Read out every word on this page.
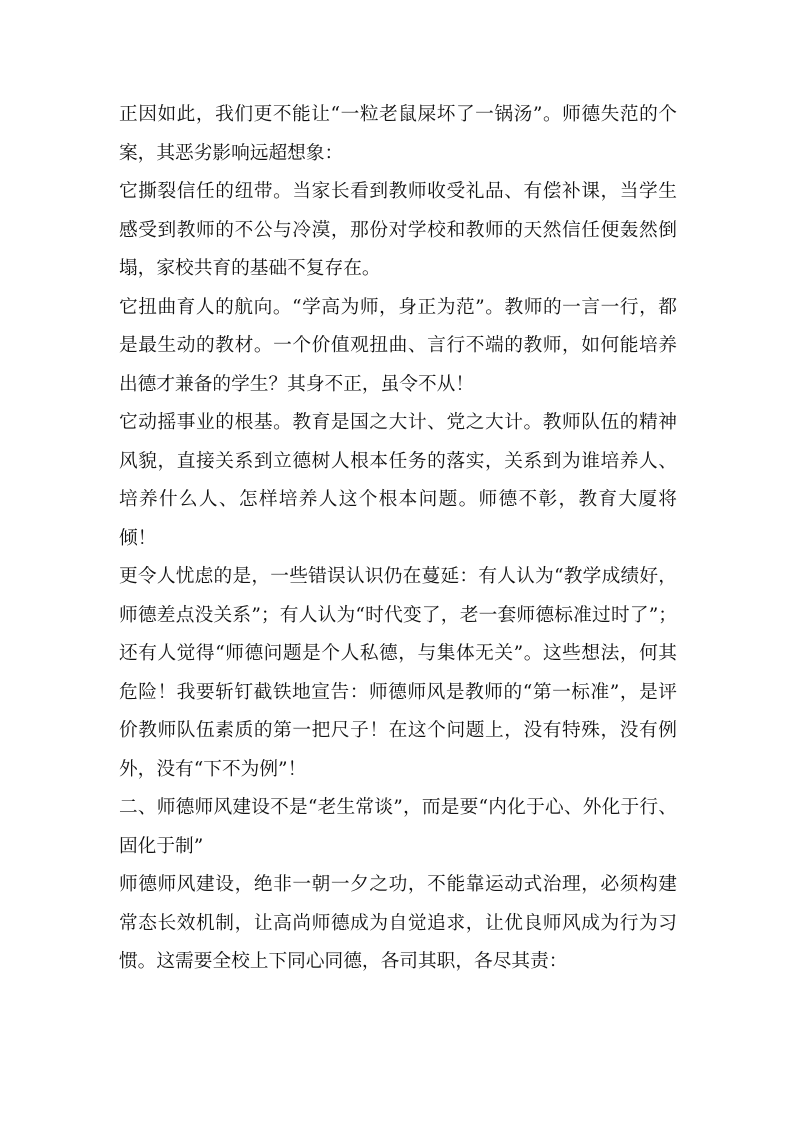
正因如此，我们更不能让“一粒老鼠屎坏了一锅汤”。师德失范的个案，其恶劣影响远超想象：

它撕裂信任的纽带。当家长看到教师收受礼品、有偿补课，当学生感受到教师的不公与冷漠，那份对学校和教师的天然信任便轰然倒塌，家校共育的基础不复存在。

它扭曲育人的航向。“学高为师，身正为范”。教师的一言一行，都是最生动的教材。一个价值观扭曲、言行不端的教师，如何能培养出德才兼备的学生？其身不正，虽令不从！

它动摇事业的根基。教育是国之大计、党之大计。教师队伍的精神风貌，直接关系到立德树人根本任务的落实，关系到为谁培养人、培养什么人、怎样培养人这个根本问题。师德不彰，教育大厦将倾！

更令人忧虑的是，一些错误认识仍在蔓延：有人认为“教学成绩好，师德差点没关系”；有人认为“时代变了，老一套师德标准过时了”；还有人觉得“师德问题是个人私德，与集体无关”。这些想法，何其危险！我要斩钉截铁地宣告：师德师风是教师的“第一标准”，是评价教师队伍素质的第一把尺子！在这个问题上，没有特殊，没有例外，没有“下不为例”！

二、师德师风建设不是“老生常谈”，而是要“内化于心、外化于行、固化于制”

师德师风建设，绝非一朝一夕之功，不能靠运动式治理，必须构建常态长效机制，让高尚师德成为自觉追求，让优良师风成为行为习惯。这需要全校上下同心同德，各司其职，各尽其责：
